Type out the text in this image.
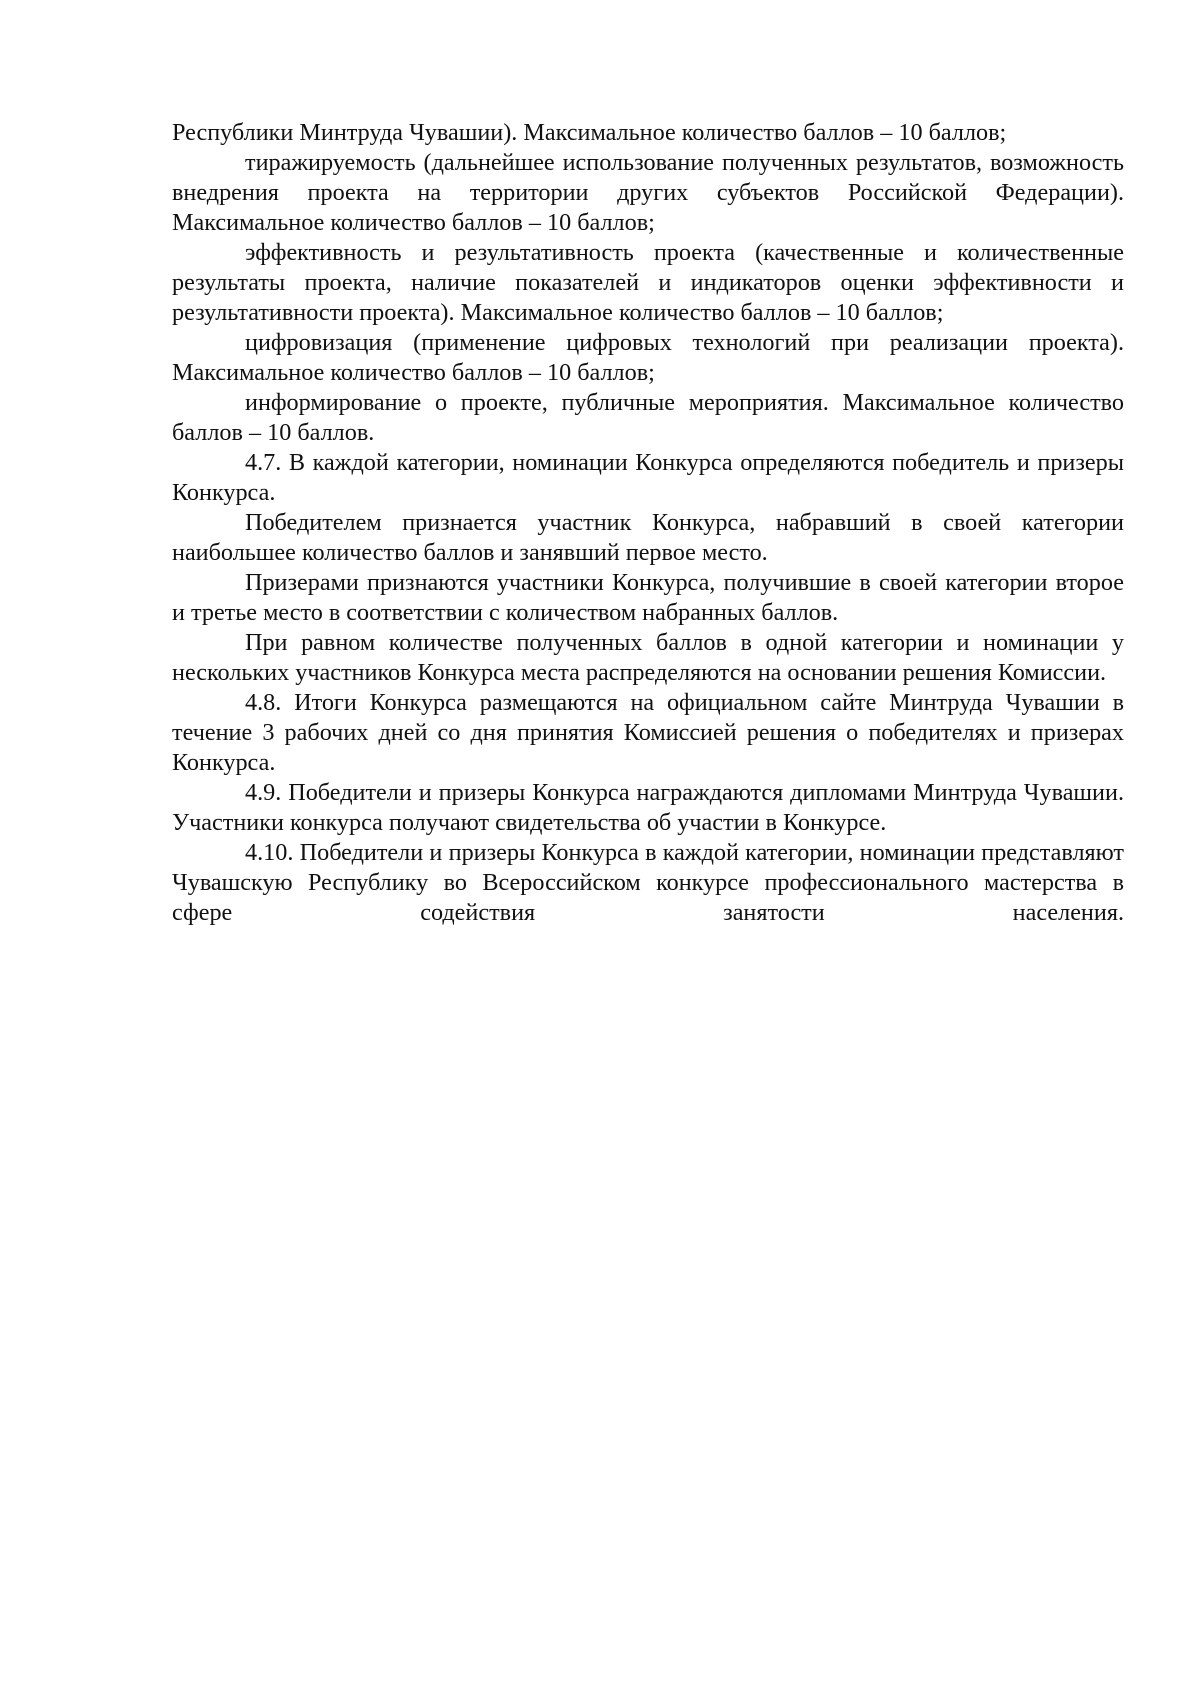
Республики Минтруда Чувашии). Максимальное количество баллов – 10 баллов;

тиражируемость (дальнейшее использование полученных результатов, возможность внедрения проекта на территории других субъектов Российской Федерации). Максимальное количество баллов – 10 баллов;

эффективность и результативность проекта (качественные и количественные результаты проекта, наличие показателей и индикаторов оценки эффективности и результативности проекта). Максимальное количество баллов – 10 баллов;

цифровизация (применение цифровых технологий при реализации проекта). Максимальное количество баллов – 10 баллов;

информирование о проекте, публичные мероприятия. Максимальное количество баллов – 10 баллов.

4.7. В каждой категории, номинации Конкурса определяются победитель и призеры Конкурса.

Победителем признается участник Конкурса, набравший в своей категории наибольшее количество баллов и занявший первое место.

Призерами признаются участники Конкурса, получившие в своей категории второе и третье место в соответствии с количеством набранных баллов.

При равном количестве полученных баллов в одной категории и номинации у нескольких участников Конкурса места распределяются на основании решения Комиссии.

4.8. Итоги Конкурса размещаются на официальном сайте Минтруда Чувашии в течение 3 рабочих дней со дня принятия Комиссией решения о победителях и призерах Конкурса.

4.9. Победители и призеры Конкурса награждаются дипломами Минтруда Чувашии. Участники конкурса получают свидетельства об участии в Конкурсе.

4.10. Победители и призеры Конкурса в каждой категории, номинации представляют Чувашскую Республику во Всероссийском конкурсе профессионального мастерства в сфере содействия занятости населения.
